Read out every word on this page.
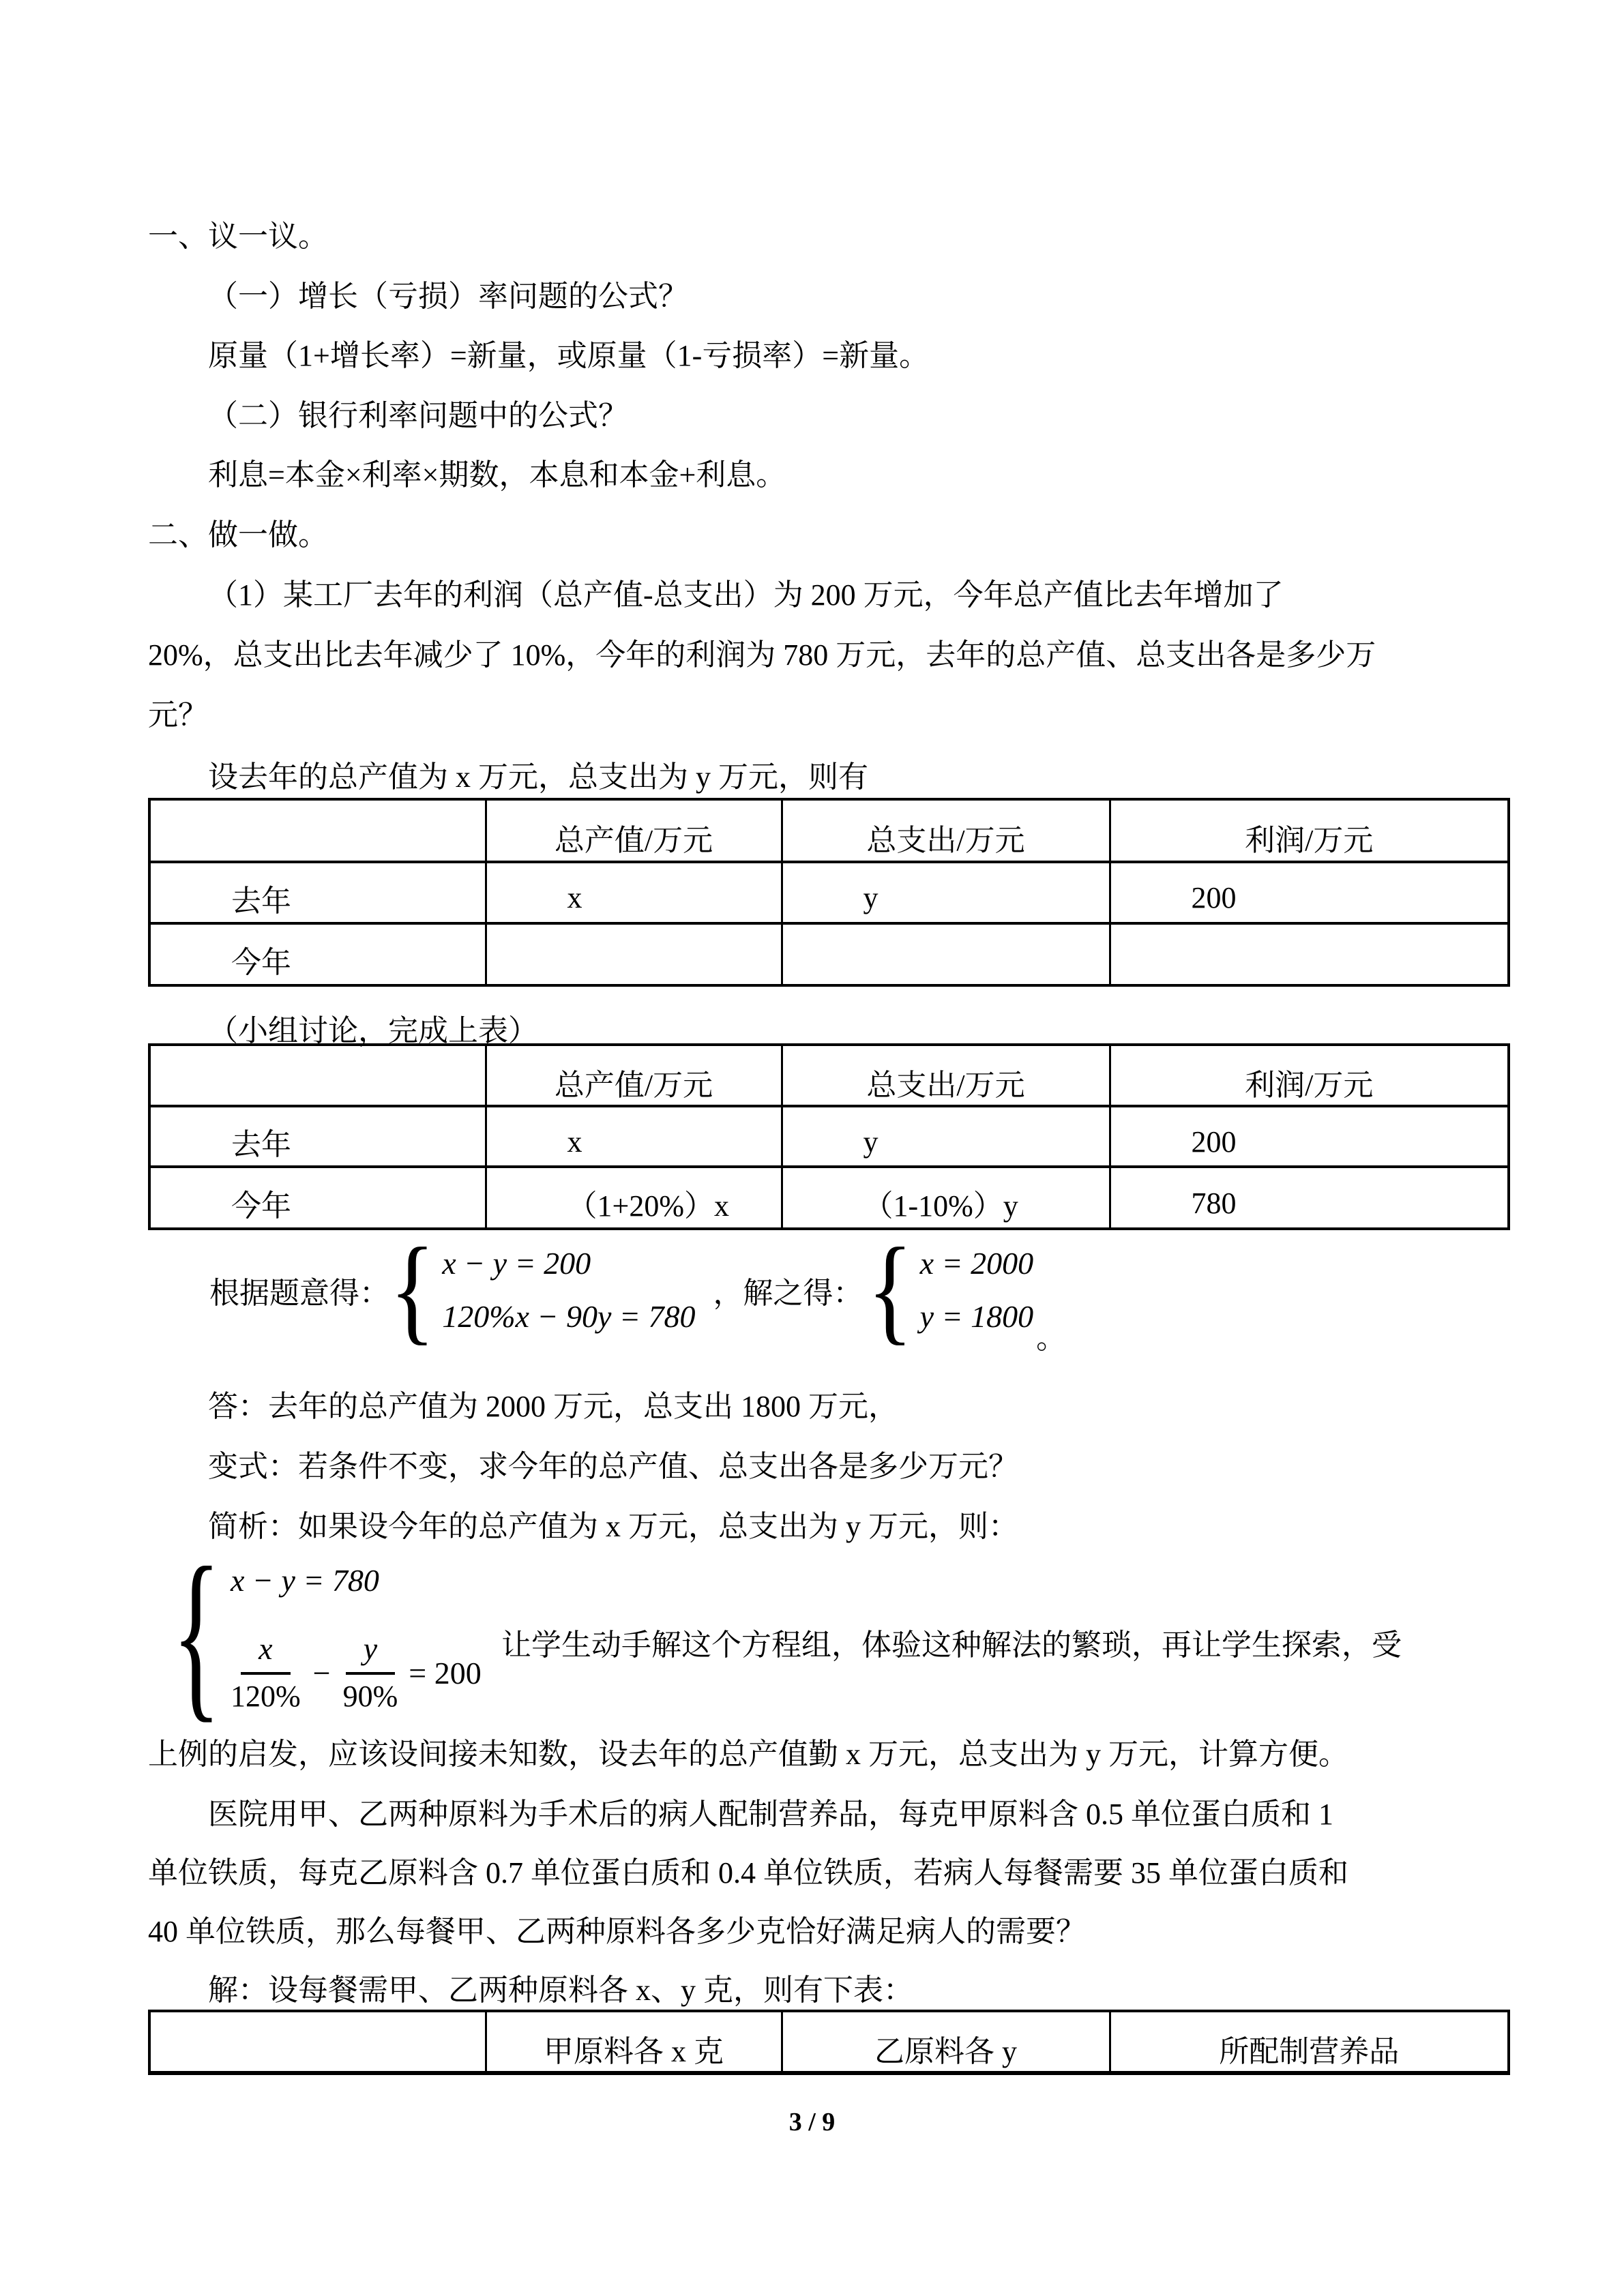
一、议一议。
（一）增长（亏损）率问题的公式？
原量（1+增长率）=新量，或原量（1-亏损率）=新量。
（二）银行利率问题中的公式？
利息=本金×利率×期数，本息和本金+利息。
二、做一做。
（1）某工厂去年的利润（总产值-总支出）为 200 万元，今年总产值比去年增加了
20%，总支出比去年减少了 10%，今年的利润为 780 万元，去年的总产值、总支出各是多少万
元？
设去年的总产值为 x 万元，总支出为 y 万元，则有
	总产值/万元	总支出/万元	利润/万元
去年	x	y	200
今年			
（小组讨论，完成上表）
	总产值/万元	总支出/万元	利润/万元
去年	x	y	200
今年	（1+20%）x	（1-10%）y	780
根据题意得： { x − y = 200
120%x − 90y = 780
，解之得： { x = 2000
y = 1800
。
答：去年的总产值为 2000 万元，总支出 1800 万元，
变式：若条件不变，求今年的总产值、总支出各是多少万元？
简析：如果设今年的总产值为 x 万元，总支出为 y 万元，则：
{ x − y = 780
$\frac{x}{120\%} - \frac{y}{90\%} = 200$
让学生动手解这个方程组，体验这种解法的繁琐，再让学生探索，受
上例的启发，应该设间接未知数，设去年的总产值勤 x 万元，总支出为 y 万元，计算方便。
医院用甲、乙两种原料为手术后的病人配制营养品，每克甲原料含 0.5 单位蛋白质和 1
单位铁质，每克乙原料含 0.7 单位蛋白质和 0.4 单位铁质，若病人每餐需要 35 单位蛋白质和
40 单位铁质，那么每餐甲、乙两种原料各多少克恰好满足病人的需要？
解：设每餐需甲、乙两种原料各 x、y 克，则有下表：
	甲原料各 x 克	乙原料各 y	所配制营养品
3 / 9
